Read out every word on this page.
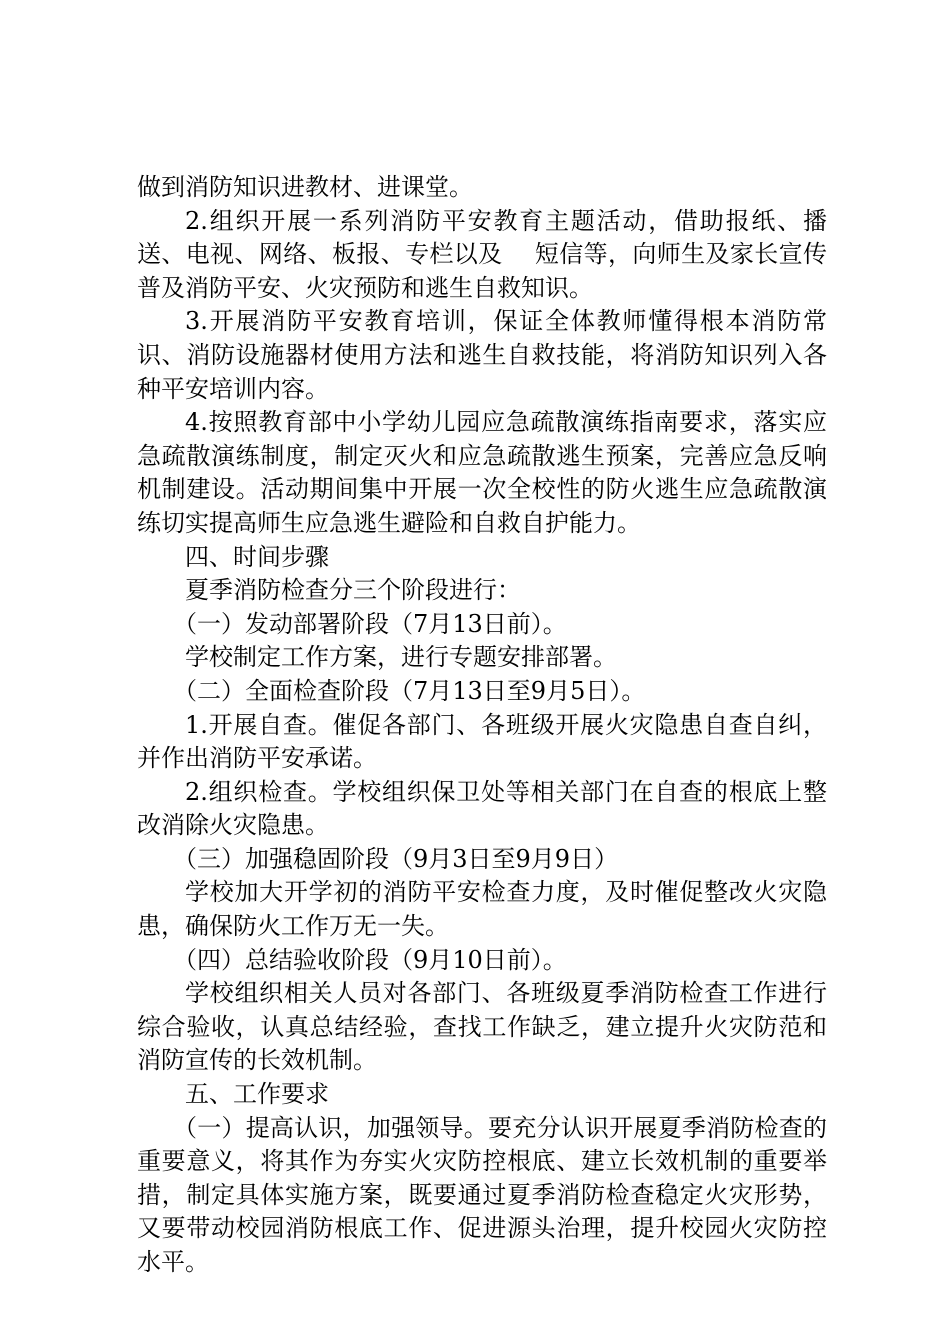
做到消防知识进教材、进课堂。

2.组织开展一系列消防平安教育主题活动，借助报纸、播送、电视、网络、板报、专栏以及　 短信等，向师生及家长宣传普及消防平安、火灾预防和逃生自救知识。

3.开展消防平安教育培训，保证全体教师懂得根本消防常识、消防设施器材使用方法和逃生自救技能，将消防知识列入各种平安培训内容。

4.按照教育部中小学幼儿园应急疏散演练指南要求，落实应急疏散演练制度，制定灭火和应急疏散逃生预案，完善应急反响机制建设。活动期间集中开展一次全校性的防火逃生应急疏散演练切实提高师生应急逃生避险和自救自护能力。

四、时间步骤

夏季消防检查分三个阶段进行：

（一）发动部署阶段（7月13日前）。

学校制定工作方案，进行专题安排部署。

（二）全面检查阶段（7月13日至9月5日）。

1.开展自查。催促各部门、各班级开展火灾隐患自查自纠，并作出消防平安承诺。

2.组织检查。学校组织保卫处等相关部门在自查的根底上整改消除火灾隐患。

（三）加强稳固阶段（9月3日至9月9日）

学校加大开学初的消防平安检查力度，及时催促整改火灾隐患，确保防火工作万无一失。

（四）总结验收阶段（9月10日前）。

学校组织相关人员对各部门、各班级夏季消防检查工作进行综合验收，认真总结经验，查找工作缺乏，建立提升火灾防范和消防宣传的长效机制。

五、工作要求

（一）提高认识，加强领导。要充分认识开展夏季消防检查的重要意义，将其作为夯实火灾防控根底、建立长效机制的重要举措，制定具体实施方案，既要通过夏季消防检查稳定火灾形势，又要带动校园消防根底工作、促进源头治理，提升校园火灾防控水平。
